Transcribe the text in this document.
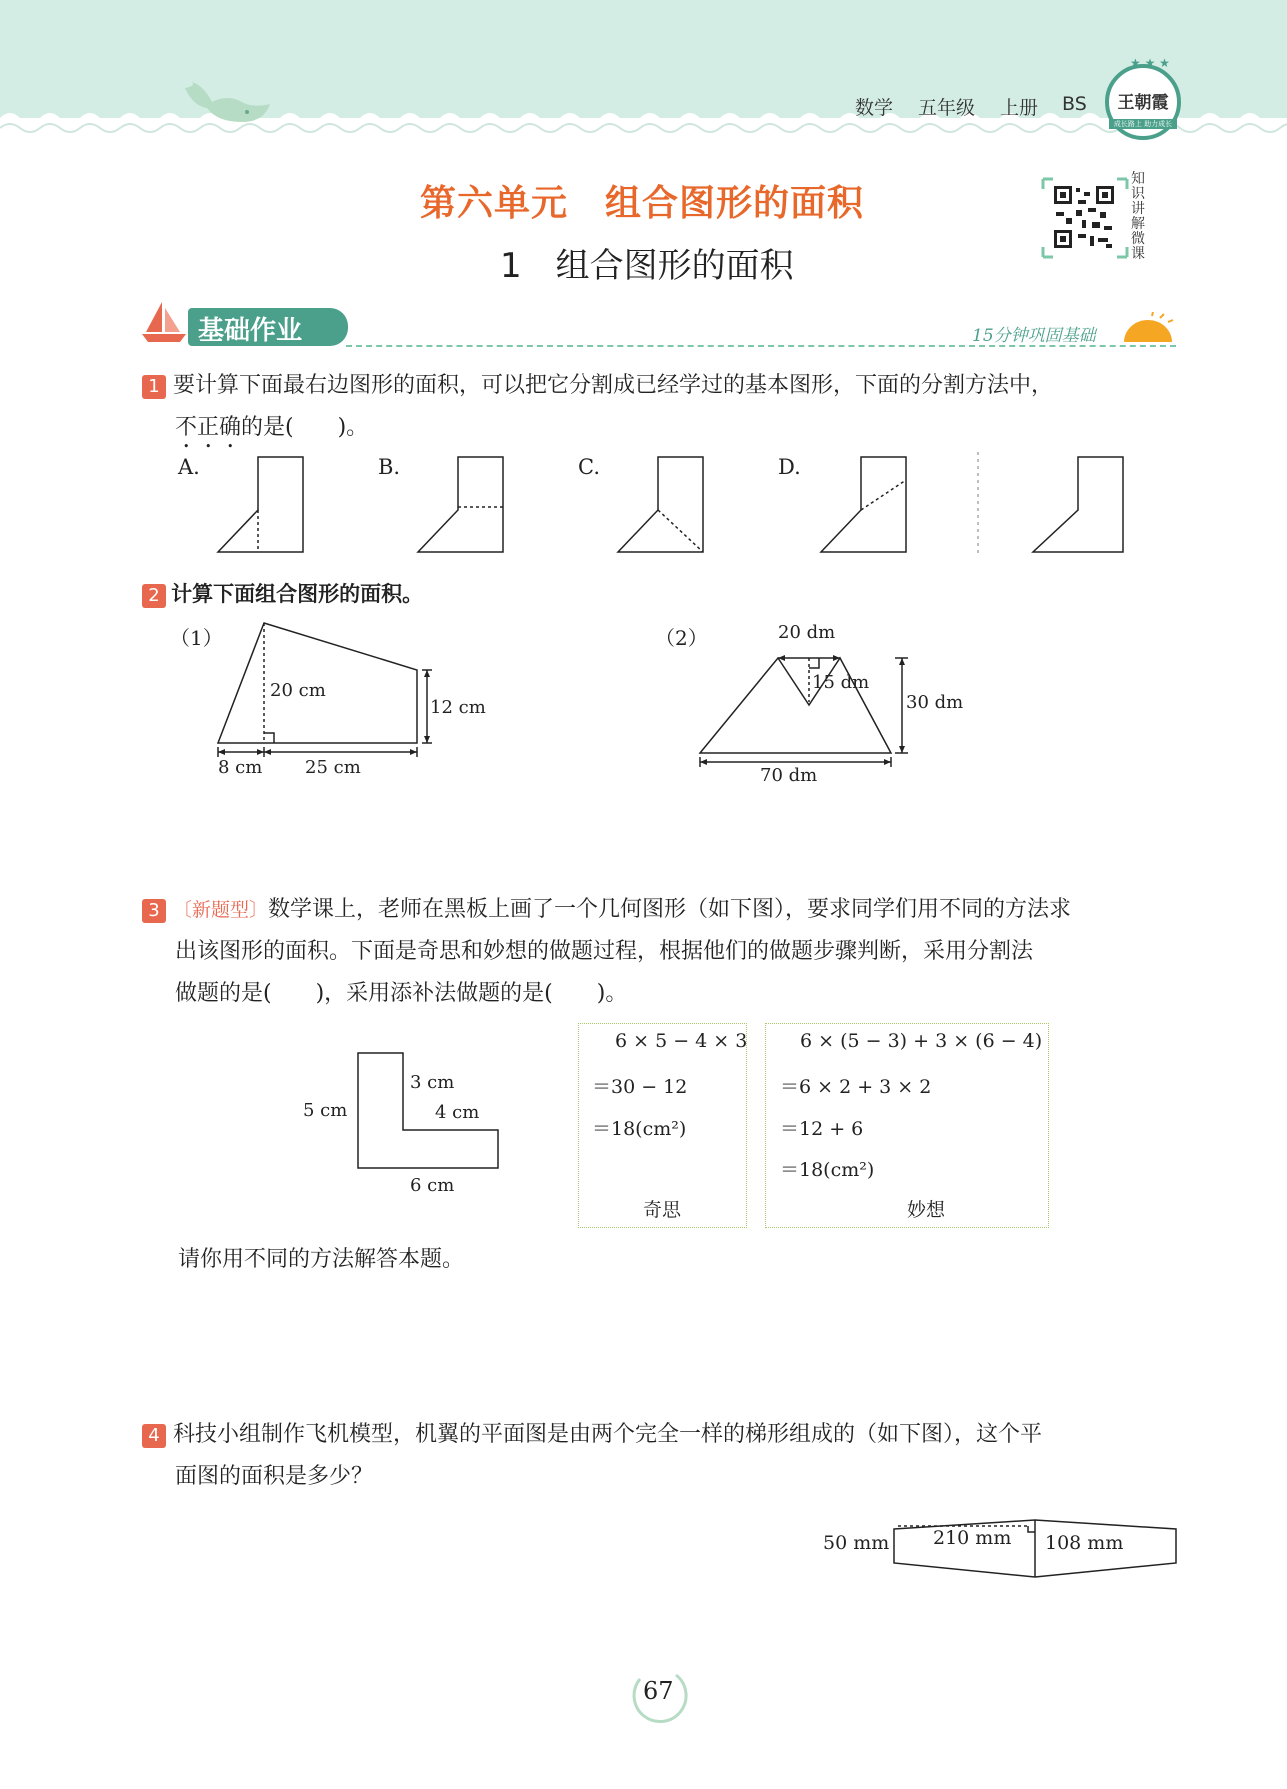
数学 五年级 上册 BS	王朝霞
成长路上 助力成长
★ ★ ★
第六单元　组合图形的面积
1　组合图形的面积
知识讲解微课
基础作业	15分钟巩固基础
1 要计算下面最右边图形的面积，可以把它分割成已经学过的基本图形，下面的分割方法中，
不正确的是(　　)。
A.	B.	C.	D.
2 计算下面组合图形的面积。
（1）	（2）
20 cm
12 cm
8 cm 25 cm
20 dm
15 dm
30 dm
70 dm
3 〔新题型〕数学课上，老师在黑板上画了一个几何图形（如下图），要求同学们用不同的方法求
出该图形的面积。下面是奇思和妙想的做题过程，根据他们的做题步骤判断，采用分割法
做题的是(　　)，采用添补法做题的是(　　)。
3 cm
4 cm
5 cm
6 cm
6 × 5 − 4 × 3
＝30 − 12
＝18(cm²)
奇思
6 × (5 − 3) + 3 × (6 − 4)
＝6 × 2 + 3 × 2
＝12 + 6
＝18(cm²)
妙想
请你用不同的方法解答本题。
4 科技小组制作飞机模型，机翼的平面图是由两个完全一样的梯形组成的（如下图），这个平
面图的面积是多少？
50 mm 210 mm 108 mm
67
